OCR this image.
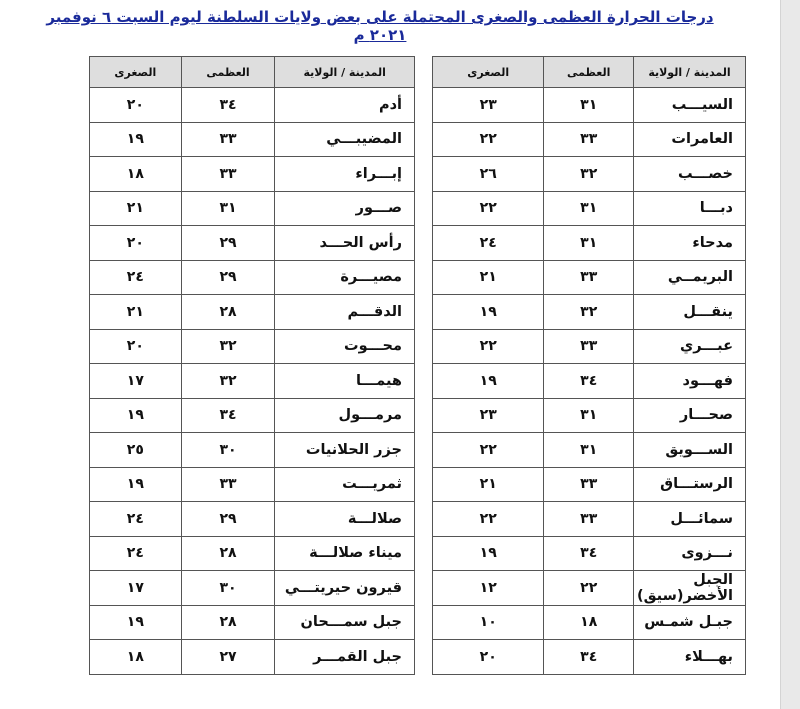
درجات الحرارة العظمى والصغرى المحتملة على بعض ولايات السلطنة ليوم السبت ٦ نوفمبر ٢٠٢١ م
المدينة / الولاية	العظمى	الصغرى
السيـــب	٣١	٢٣
العامرات	٣٣	٢٢
خصـــب	٣٢	٢٦
دبـــا	٣١	٢٢
مدحاء	٣١	٢٤
البريمــي	٣٣	٢١
ينقـــل	٣٢	١٩
عبـــري	٣٣	٢٢
فهـــود	٣٤	١٩
صحـــار	٣١	٢٣
الســـويق	٣١	٢٢
الرستـــاق	٣٣	٢١
سمائـــل	٣٣	٢٢
نـــزوى	٣٤	١٩
الجبل الأخضر(سيق)	٢٢	١٢
جبـل شمـس	١٨	١٠
بهـــلاء	٣٤	٢٠
المدينة / الولاية	العظمى	الصغرى
أدم	٣٤	٢٠
المضيبـــي	٣٣	١٩
إبـــراء	٣٣	١٨
صـــور	٣١	٢١
رأس الحـــد	٢٩	٢٠
مصيـــرة	٢٩	٢٤
الدقـــم	٢٨	٢١
محـــوت	٣٢	٢٠
هيمـــا	٣٢	١٧
مرمـــول	٣٤	١٩
جزر الحلانيات	٣٠	٢٥
ثمريـــت	٣٣	١٩
صلالـــة	٢٩	٢٤
ميناء صلالـــة	٢٨	٢٤
قيرون حيريتـــي	٣٠	١٧
جبل سمـــحان	٢٨	١٩
جبل القمـــر	٢٧	١٨
